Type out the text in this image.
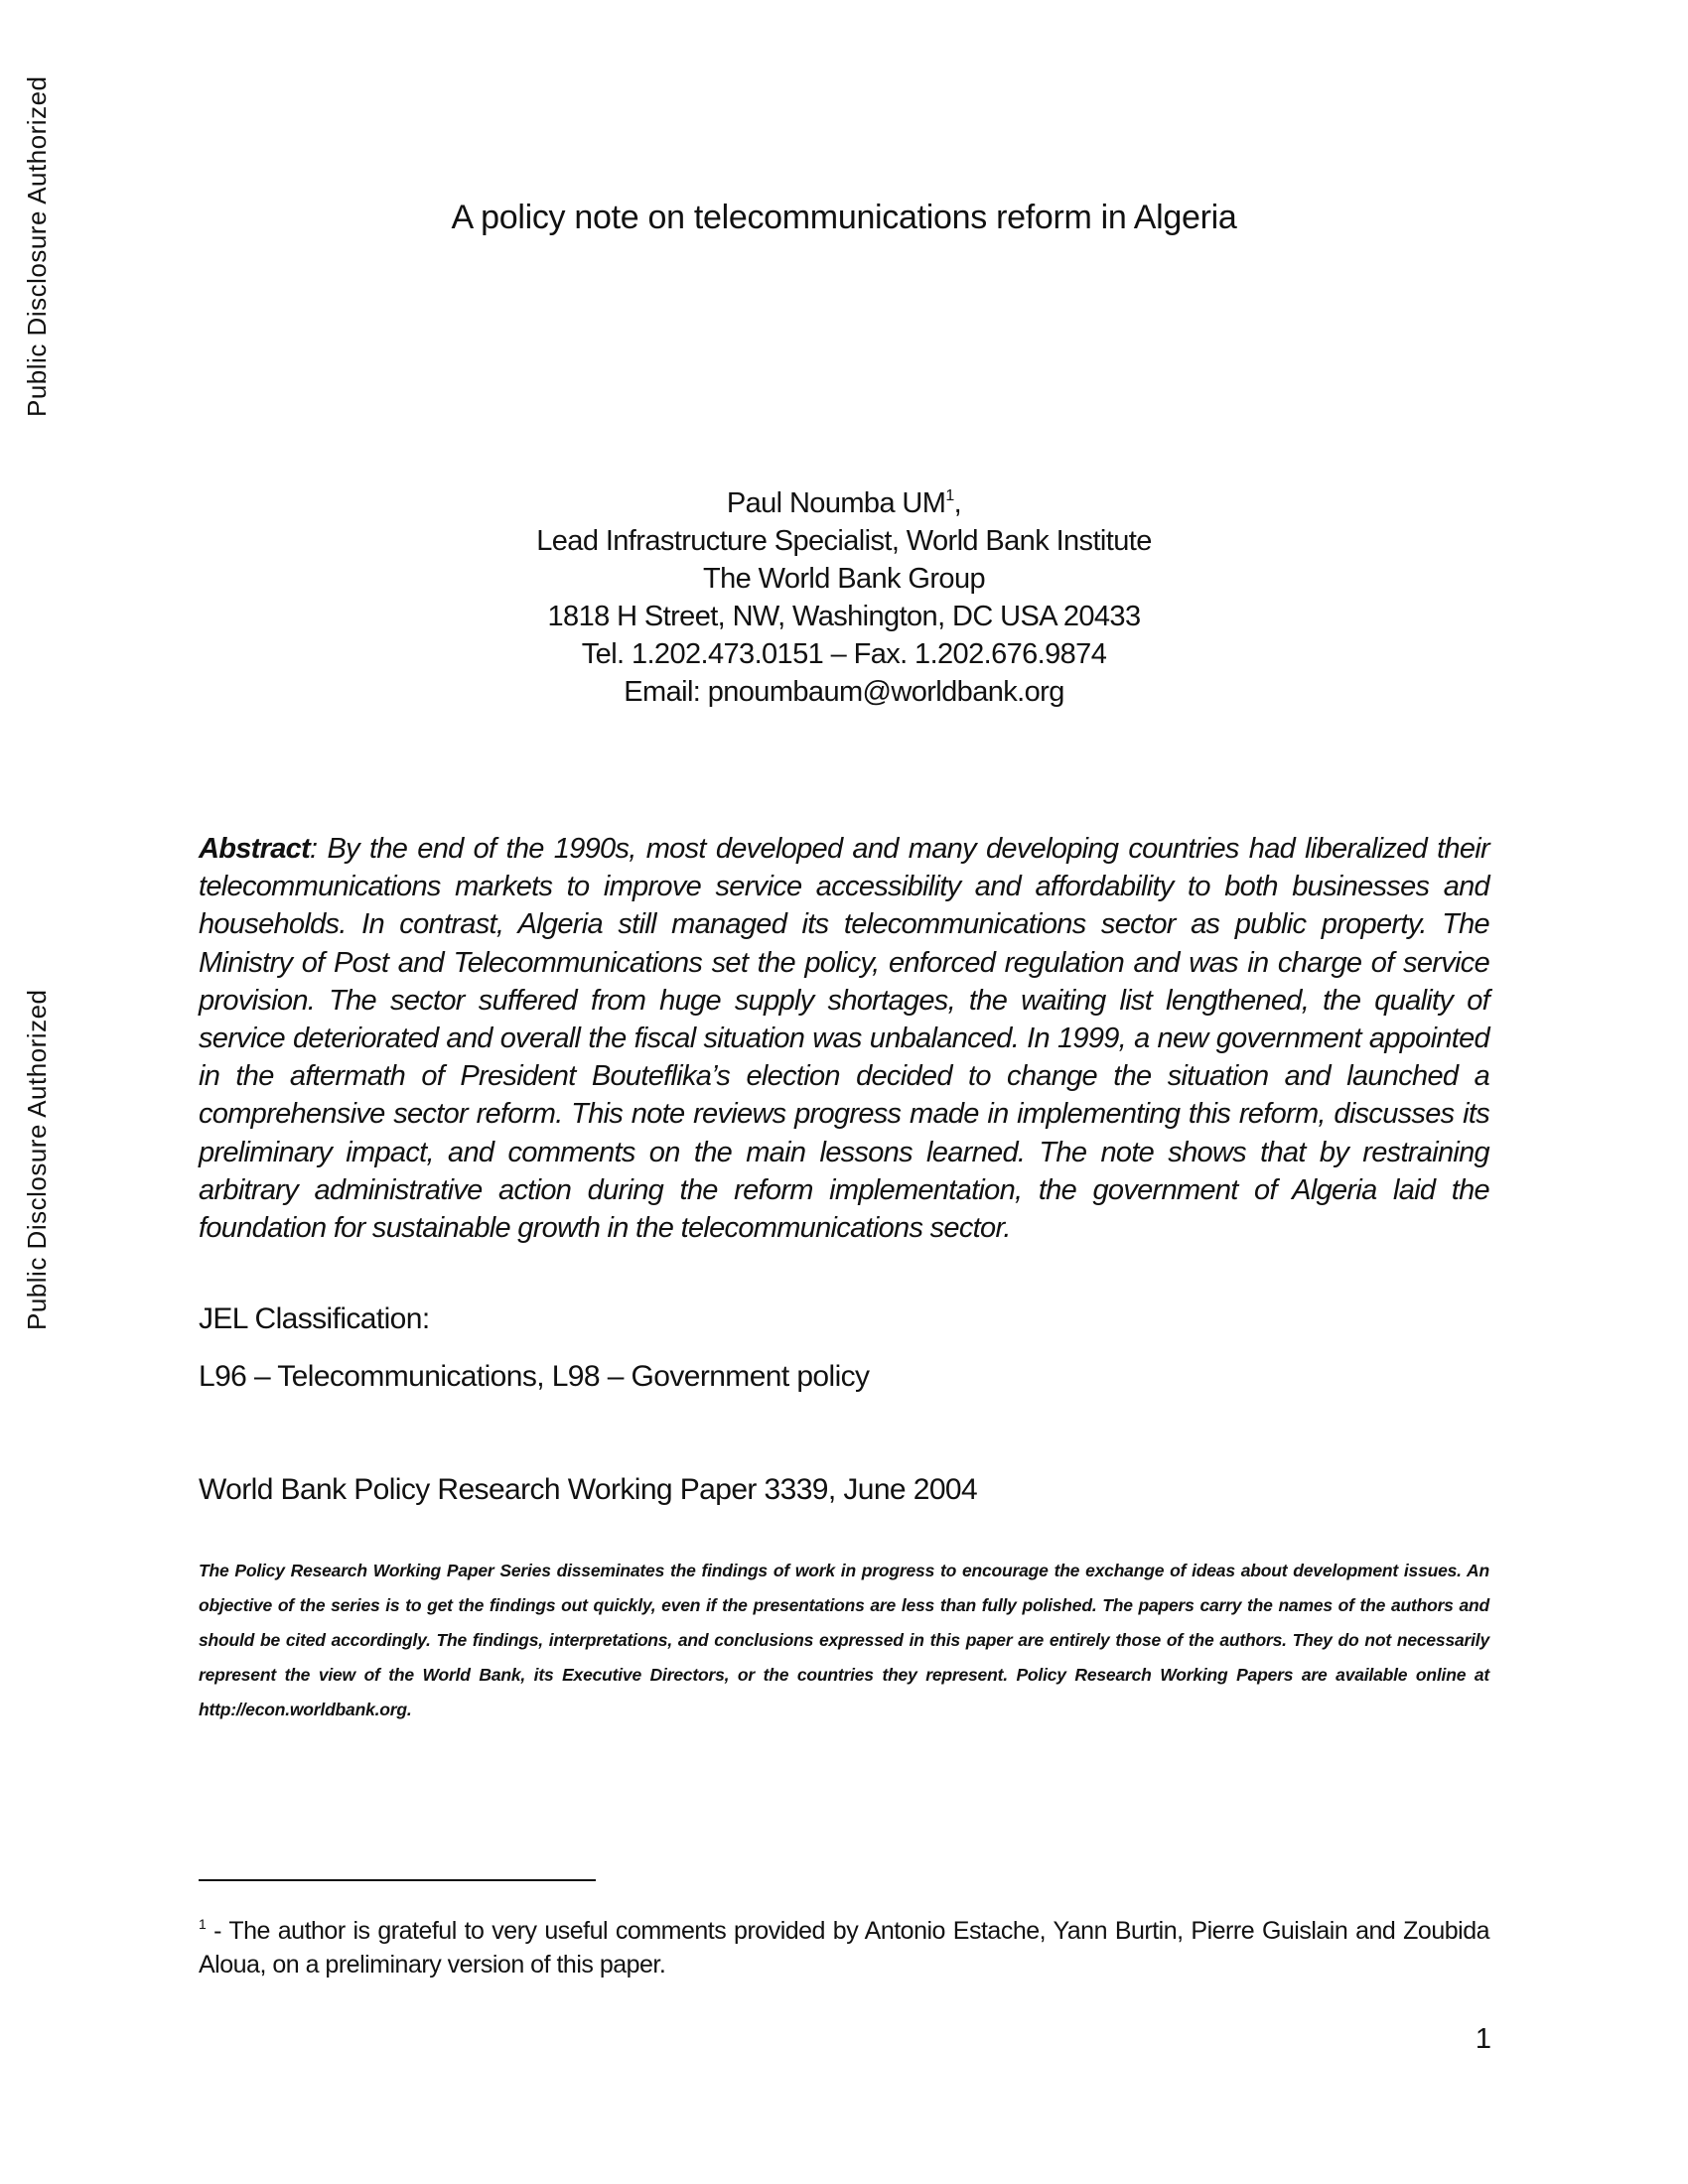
Public Disclosure Authorized
Public Disclosure Authorized
A policy note on telecommunications reform in Algeria
Paul Noumba $UM^1$,
Lead Infrastructure Specialist, World Bank Institute
The World Bank Group
1818 H Street, NW, Washington, DC USA 20433
Tel. 1.202.473.0151 – Fax. 1.202.676.9874
Email: pnoumbaum@worldbank.org

Abstract: By the end of the 1990s, most developed and many developing countries had liberalized their telecommunications markets to improve service accessibility and affordability to both businesses and households. In contrast, Algeria still managed its telecommunications sector as public property. The Ministry of Post and Telecommunications set the policy, enforced regulation and was in charge of service provision. The sector suffered from huge supply shortages, the waiting list lengthened, the quality of service deteriorated and overall the fiscal situation was unbalanced. In 1999, a new government appointed in the aftermath of President Bouteflika’s election decided to change the situation and launched a comprehensive sector reform. This note reviews progress made in implementing this reform, discusses its preliminary impact, and comments on the main lessons learned. The note shows that by restraining arbitrary administrative action during the reform implementation, the government of Algeria laid the foundation for sustainable growth in the telecommunications sector.

JEL Classification:

L96 – Telecommunications, L98 – Government policy

World Bank Policy Research Working Paper 3339, June 2004

The Policy Research Working Paper Series disseminates the findings of work in progress to encourage the exchange of ideas about development issues. An objective of the series is to get the findings out quickly, even if the presentations are less than fully polished. The papers carry the names of the authors and should be cited accordingly. The findings, interpretations, and conclusions expressed in this paper are entirely those of the authors. They do not necessarily represent the view of the World Bank, its Executive Directors, or the countries they represent. Policy Research Working Papers are available online at http://econ.worldbank.org.

$^1$ - The author is grateful to very useful comments provided by Antonio Estache, Yann Burtin, Pierre Guislain and Zoubida Aloua, on a preliminary version of this paper.

1
